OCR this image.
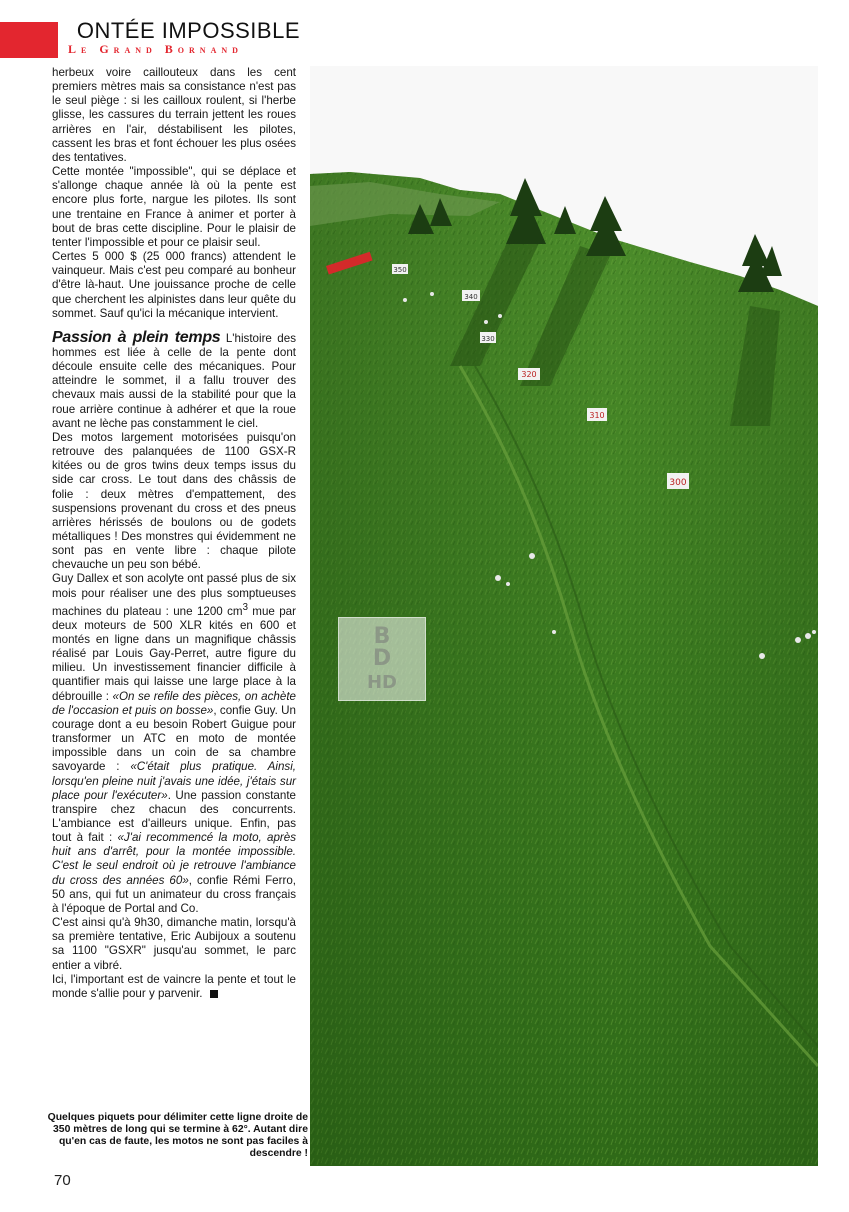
MONTÉE IMPOSSIBLE
Le Grand Bornand

herbeux voire caillouteux dans les cent premiers mètres mais sa consistance n'est pas le seul piège : si les cailloux roulent, si l'herbe glisse, les cassures du terrain jettent les roues arrières en l'air, déstabilisent les pilotes, cassent les bras et font échouer les plus osées des tentatives.

Cette montée "impossible", qui se déplace et s'allonge chaque année là où la pente est encore plus forte, nargue les pilotes. Ils sont une trentaine en France à animer et porter à bout de bras cette discipline. Pour le plaisir de tenter l'impossible et pour ce plaisir seul.

Certes 5 000 $ (25 000 francs) attendent le vainqueur. Mais c'est peu comparé au bonheur d'être là-haut. Une jouissance proche de celle que cherchent les alpinistes dans leur quête du sommet. Sauf qu'ici la mécanique intervient.

Passion à plein temps L'histoire des hommes est liée à celle de la pente dont découle ensuite celle des mécaniques. Pour atteindre le sommet, il a fallu trouver des chevaux mais aussi de la stabilité pour que la roue arrière continue à adhérer et que la roue avant ne lèche pas constamment le ciel.

Des motos largement motorisées puisqu'on retrouve des palanquées de 1100 GSX-R kitées ou de gros twins deux temps issus du side car cross. Le tout dans des châssis de folie : deux mètres d'empattement, des suspensions provenant du cross et des pneus arrières hérissés de boulons ou de godets métalliques ! Des monstres qui évidemment ne sont pas en vente libre : chaque pilote chevauche un peu son bébé.

Guy Dallex et son acolyte ont passé plus de six mois pour réaliser une des plus somptueuses machines du plateau : une 1200 $cm^3$ mue par deux moteurs de 500 XLR kités en 600 et montés en ligne dans un magnifique châssis réalisé par Louis Gay-Perret, autre figure du milieu. Un investissement financier difficile à quantifier mais qui laisse une large place à la débrouille : «On se refile des pièces, on achète de l'occasion et puis on bosse», confie Guy. Un courage dont a eu besoin Robert Guigue pour transformer un ATC en moto de montée impossible dans un coin de sa chambre savoyarde : «C'était plus pratique. Ainsi, lorsqu'en pleine nuit j'avais une idée, j'étais sur place pour l'exécuter». Une passion constante transpire chez chacun des concurrents. L'ambiance est d'ailleurs unique. Enfin, pas tout à fait : «J'ai recommencé la moto, après huit ans d'arrêt, pour la montée impossible. C'est le seul endroit où je retrouve l'ambiance du cross des années 60», confie Rémi Ferro, 50 ans, qui fut un animateur du cross français à l'époque de Portal and Co.

C'est ainsi qu'à 9h30, dimanche matin, lorsqu'à sa première tentative, Eric Aubijoux a soutenu sa 1100 "GSXR" jusqu'au sommet, le parc entier a vibré.

Ici, l'important est de vaincre la pente et tout le monde s'allie pour y parvenir.

Quelques piquets pour délimiter cette ligne droite de 350 mètres de long qui se termine à 62°. Autant dire qu'en cas de faute, les motos ne sont pas faciles à descendre !
70
350
340
330
320
310
300
B
D
HD
